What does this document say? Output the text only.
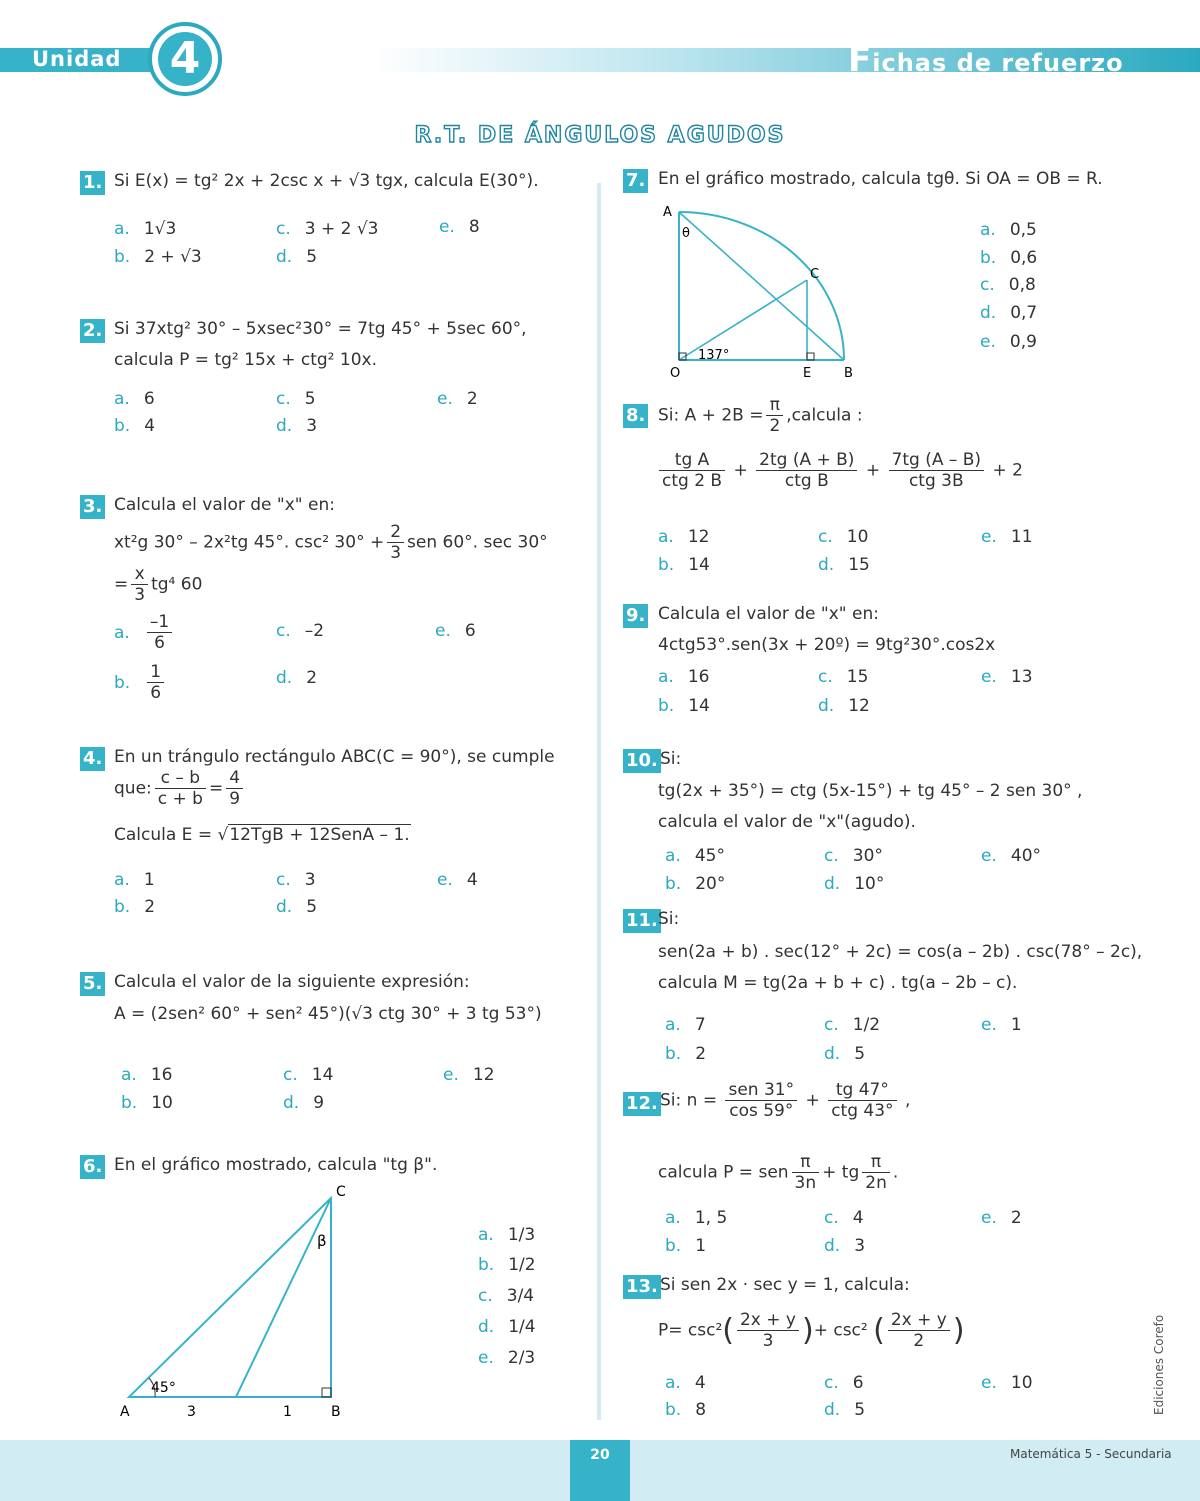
Unidad 4	Fichas de refuerzo
R.T. DE ÁNGULOS AGUDOS
1. Si E(x) = tg² 2x + 2csc x + √3 tgx, calcula E(30°).
a. 1√3
b. 2 + √3
c. 3 + 2 √3
d. 5
e. 8
2. Si 37xtg² 30° – 5xsec²30° = 7tg 45° + 5sec 60°,
calcula P = tg² 15x + ctg² 10x.
a. 6
b. 4
c. 5
d. 3
e. 2
3. Calcula el valor de "x" en:
xt²g 30° – 2x²tg 45°. csc² $30^\circ + \frac{2}{3}$ sen 60°. sec 30°
= $\frac{x}{3} tg^4$ 60
a. $\frac{-1}{6}$
b. $\frac{1}{6}$
c. –2
d. 2
e. 6
4. En un trángulo rectángulo ABC(C = 90°), se cumple
que: $\frac{c - b}{c + b} = \frac{4}{9}$
Calcula E = √12TgB + 12SenA – 1.
a. 1
b. 2
c. 3
d. 5
e. 4
5. Calcula el valor de la siguiente expresión:
A = (2sen² 60° + sen² 45°)(√3 ctg 30° + 3 tg 53°)
a. 16
b. 10
c. 14
d. 9
e. 12
6. En el gráfico mostrado, calcula "tg β".
A	B
C
β
45°
3	1
a. 1/3
b. 1/2
c. 3/4
d. 1/4
e. 2/3
7. En el gráfico mostrado, calcula tgθ. Si OA = OB = R.
A
θ
C
O	E	B
137°
a. 0,5
b. 0,6
c. 0,8
d. 0,7
e. 0,9
8. Si: $A + 2B = \frac{\pi}{2}$ ,calcula :
$\frac{\text{tg A}}{\text{ctg 2 B}} + \frac{2tg (A + B)}{\text{ctg B}} + \frac{7tg (A - B)}{\text{ctg 3B}} + 2$
a. 12
b. 14
c. 10
d. 15
e. 11
9. Calcula el valor de "x" en:
4ctg53°.sen(3x + 20º) = 9tg²30°.cos2x
a. 16
b. 14
c. 15
d. 12
e. 13
10. Si:
tg(2x + 35°) = ctg (5x-15°) + tg 45° – 2 sen 30° ,
calcula el valor de "x"(agudo).
a. 45°
b. 20°
c. 30°
d. 10°
e. 40°
11. Si:
sen(2a + b) . sec(12° + 2c) = cos(a – 2b) . csc(78° – 2c),
calcula M = tg(2a + b + c) . tg(a – 2b – c).
a. 7
b. 2
c. 1/2
d. 5
e. 1
12. Si: $n = \frac{\text{sen 31°}}{\cos 59^\circ} + \frac{tg 47^\circ}{\text{ctg 43°}}$ ,
calcula P = sen $\frac{\pi}{3n}$ + tg $\frac{\pi}{2n}$ .
a. 1, 5
b. 1
c. 4
d. 3
e. 2
13. Si sen 2x · sec y = 1, calcula:
$P= \csc^2( \frac{2x + y}{3}$ )+ csc² ( $\frac{2x + y}{2}$ )
a. 4
b. 8
c. 6
d. 5
e. 10	Ediciones Corefo
20	Matemática 5 - Secundaria
